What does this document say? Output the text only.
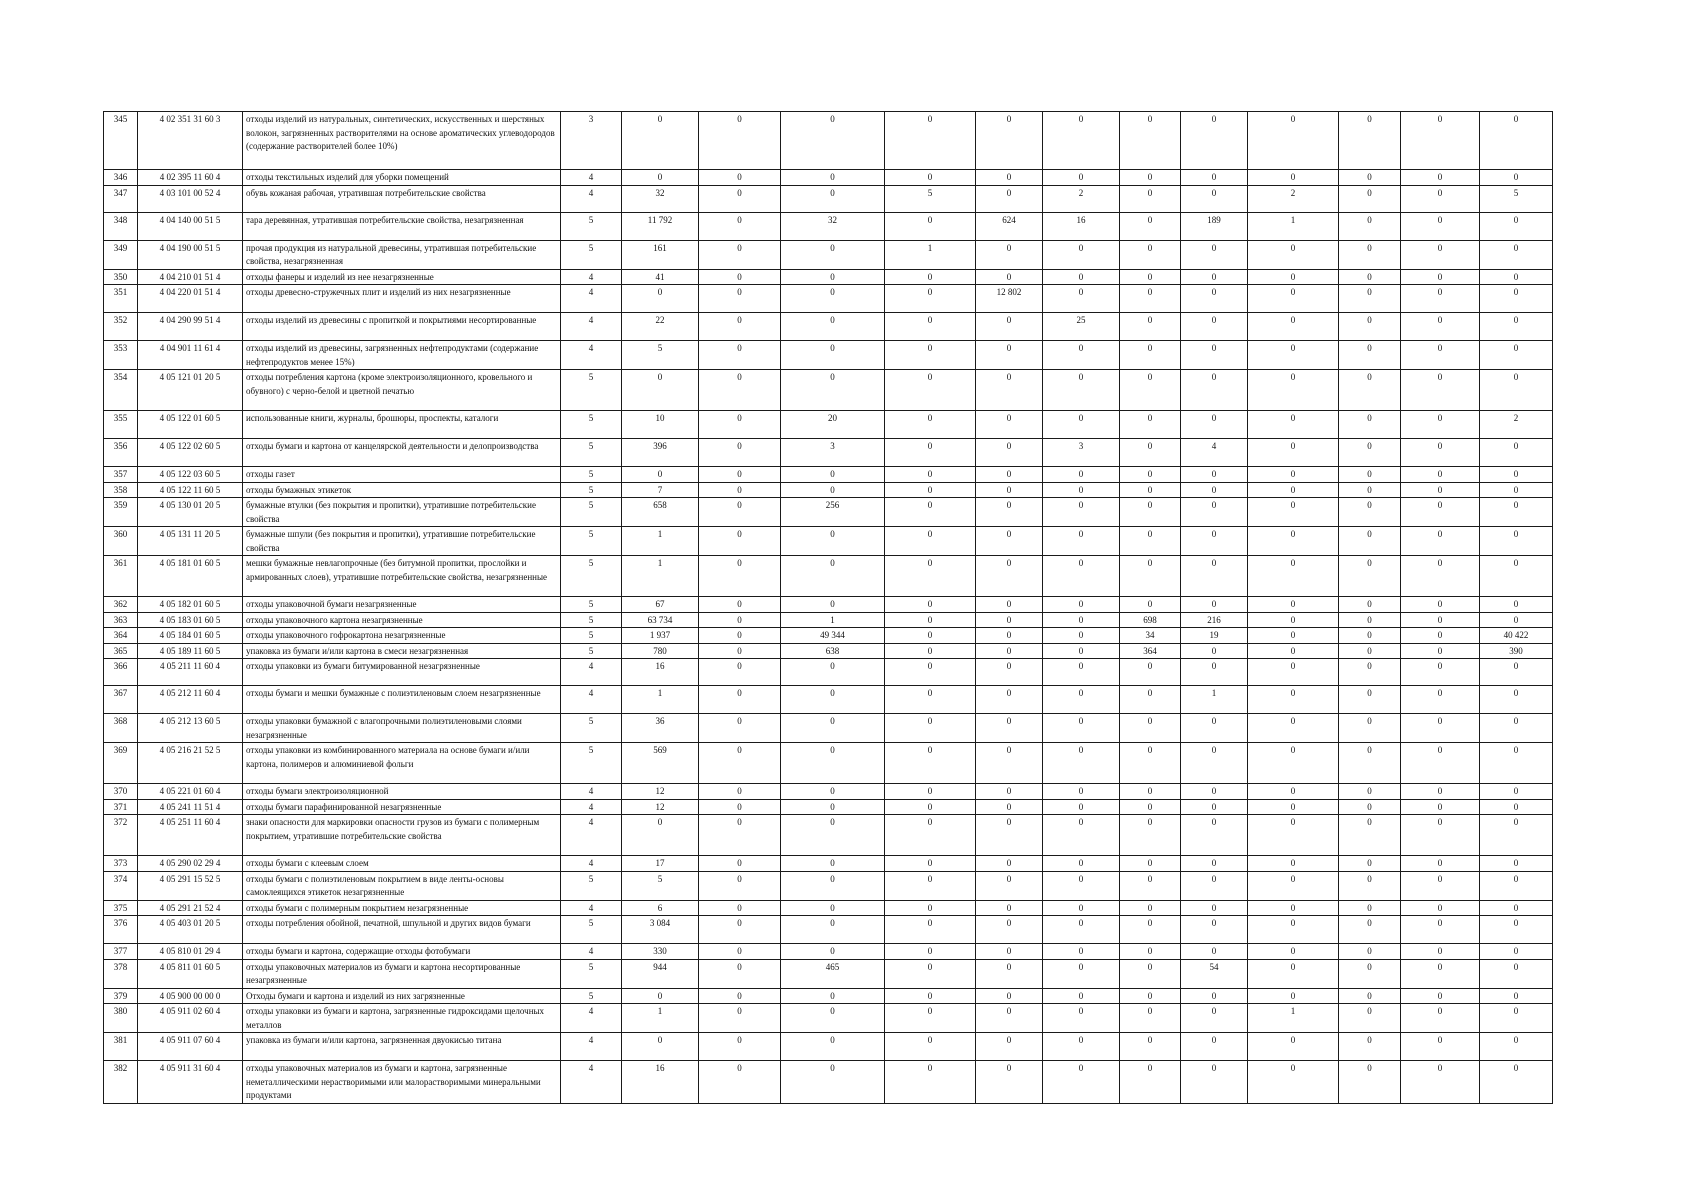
345	4 02 351 31 60 3	отходы изделий из натуральных, синтетических, искусственных и шерстяных волокон, загрязненных растворителями на основе ароматических углеводородов (содержание растворителей более 10%)	3	0	0	0	0	0	0	0	0	0	0	0	0
346	4 02 395 11 60 4	отходы текстильных изделий для уборки помещений	4	0	0	0	0	0	0	0	0	0	0	0	0
347	4 03 101 00 52 4	обувь кожаная рабочая, утратившая потребительские свойства	4	32	0	0	5	0	2	0	0	2	0	0	5
348	4 04 140 00 51 5	тара деревянная, утратившая потребительские свойства, незагрязненная	5	11 792	0	32	0	624	16	0	189	1	0	0	0
349	4 04 190 00 51 5	прочая продукция из натуральной древесины, утратившая потребительские свойства, незагрязненная	5	161	0	0	1	0	0	0	0	0	0	0	0
350	4 04 210 01 51 4	отходы фанеры и изделий из нее незагрязненные	4	41	0	0	0	0	0	0	0	0	0	0	0
351	4 04 220 01 51 4	отходы древесно-стружечных плит и изделий из них незагрязненные	4	0	0	0	0	12 802	0	0	0	0	0	0	0
352	4 04 290 99 51 4	отходы изделий из древесины с пропиткой и покрытиями несортированные	4	22	0	0	0	0	25	0	0	0	0	0	0
353	4 04 901 11 61 4	отходы изделий из древесины, загрязненных нефтепродуктами (содержание нефтепродуктов менее 15%)	4	5	0	0	0	0	0	0	0	0	0	0	0
354	4 05 121 01 20 5	отходы потребления картона (кроме электроизоляционного, кровельного и обувного) с черно-белой и цветной печатью	5	0	0	0	0	0	0	0	0	0	0	0	0
355	4 05 122 01 60 5	использованные книги, журналы, брошюры, проспекты, каталоги	5	10	0	20	0	0	0	0	0	0	0	0	2
356	4 05 122 02 60 5	отходы бумаги и картона от канцелярской деятельности и делопроизводства	5	396	0	3	0	0	3	0	4	0	0	0	0
357	4 05 122 03 60 5	отходы газет	5	0	0	0	0	0	0	0	0	0	0	0	0
358	4 05 122 11 60 5	отходы бумажных этикеток	5	7	0	0	0	0	0	0	0	0	0	0	0
359	4 05 130 01 20 5	бумажные втулки (без покрытия и пропитки), утратившие потребительские свойства	5	658	0	256	0	0	0	0	0	0	0	0	0
360	4 05 131 11 20 5	бумажные шпули (без покрытия и пропитки), утратившие потребительские свойства	5	1	0	0	0	0	0	0	0	0	0	0	0
361	4 05 181 01 60 5	мешки бумажные невлагопрочные (без битумной пропитки, прослойки и армированных слоев), утратившие потребительские свойства, незагрязненные	5	1	0	0	0	0	0	0	0	0	0	0	0
362	4 05 182 01 60 5	отходы упаковочной бумаги незагрязненные	5	67	0	0	0	0	0	0	0	0	0	0	0
363	4 05 183 01 60 5	отходы упаковочного картона незагрязненные	5	63 734	0	1	0	0	0	698	216	0	0	0	0
364	4 05 184 01 60 5	отходы упаковочного гофрокартона незагрязненные	5	1 937	0	49 344	0	0	0	34	19	0	0	0	40 422
365	4 05 189 11 60 5	упаковка из бумаги и/или картона в смеси незагрязненная	5	780	0	638	0	0	0	364	0	0	0	0	390
366	4 05 211 11 60 4	отходы упаковки из бумаги битумированной незагрязненные	4	16	0	0	0	0	0	0	0	0	0	0	0
367	4 05 212 11 60 4	отходы бумаги и мешки бумажные с полиэтиленовым слоем незагрязненные	4	1	0	0	0	0	0	0	1	0	0	0	0
368	4 05 212 13 60 5	отходы упаковки бумажной с влагопрочными полиэтиленовыми слоями незагрязненные	5	36	0	0	0	0	0	0	0	0	0	0	0
369	4 05 216 21 52 5	отходы упаковки из комбинированного материала на основе бумаги и/или картона, полимеров и алюминиевой фольги	5	569	0	0	0	0	0	0	0	0	0	0	0
370	4 05 221 01 60 4	отходы бумаги электроизоляционной	4	12	0	0	0	0	0	0	0	0	0	0	0
371	4 05 241 11 51 4	отходы бумаги парафинированной незагрязненные	4	12	0	0	0	0	0	0	0	0	0	0	0
372	4 05 251 11 60 4	знаки опасности для маркировки опасности грузов из бумаги с полимерным покрытием, утратившие потребительские свойства	4	0	0	0	0	0	0	0	0	0	0	0	0
373	4 05 290 02 29 4	отходы бумаги с клеевым слоем	4	17	0	0	0	0	0	0	0	0	0	0	0
374	4 05 291 15 52 5	отходы бумаги с полиэтиленовым покрытием в виде ленты-основы самоклеящихся этикеток незагрязненные	5	5	0	0	0	0	0	0	0	0	0	0	0
375	4 05 291 21 52 4	отходы бумаги с полимерным покрытием незагрязненные	4	6	0	0	0	0	0	0	0	0	0	0	0
376	4 05 403 01 20 5	отходы потребления обойной, печатной, шпульной и других видов бумаги	5	3 084	0	0	0	0	0	0	0	0	0	0	0
377	4 05 810 01 29 4	отходы бумаги и картона, содержащие отходы фотобумаги	4	330	0	0	0	0	0	0	0	0	0	0	0
378	4 05 811 01 60 5	отходы упаковочных материалов из бумаги и картона несортированные незагрязненные	5	944	0	465	0	0	0	0	54	0	0	0	0
379	4 05 900 00 00 0	Отходы бумаги и картона и изделий из них загрязненные	5	0	0	0	0	0	0	0	0	0	0	0	0
380	4 05 911 02 60 4	отходы упаковки из бумаги и картона, загрязненные гидроксидами щелочных металлов	4	1	0	0	0	0	0	0	0	1	0	0	0
381	4 05 911 07 60 4	упаковка из бумаги и/или картона, загрязненная двуокисью титана	4	0	0	0	0	0	0	0	0	0	0	0	0
382	4 05 911 31 60 4	отходы упаковочных материалов из бумаги и картона, загрязненные неметаллическими нерастворимыми или малорастворимыми минеральными продуктами	4	16	0	0	0	0	0	0	0	0	0	0	0
